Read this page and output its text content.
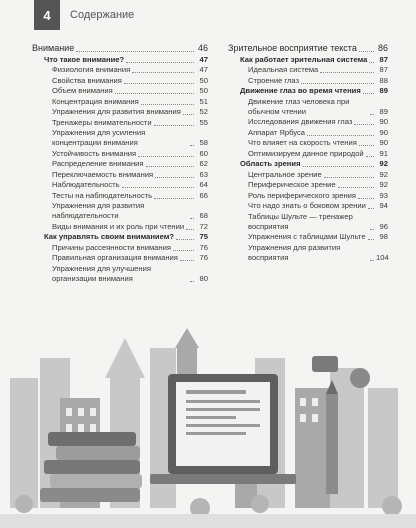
4	Содержание
Внимание	46
Что такое внимание?	47
Физиология внимания	47
Свойства внимания	50
Объем внимания	50
Концентрация внимания	51
Упражнения для развития внимания	52
Тренажеры внимательности	55
Упражнения для усиления концентрации внимания	58
Устойчивость внимания	60
Распределение внимания	62
Переключаемость внимания	63
Наблюдательность	64
Тесты на наблюдательность	66
Упражнения для развития наблюдательности	68
Виды внимания и их роль при чтении	72
Как управлять своим вниманием?	75
Причины рассеянности внимания	76
Правильная организация внимания	76
Упражнения для улучшения организации внимания	80
Зрительное восприятие текста 86
Как работает зрительная система	87
Идеальная система	87
Строение глаз	88
Движение глаз во время чтения	89
Движение глаз человека при обычном чтении	89
Исследования движения глаз	90
Аппарат Ярбуса	90
Что влияет на скорость чтения	90
Оптимизируем данное природой	91
Область зрения	92
Центральное зрение	92
Периферическое зрение	92
Роль периферического зрения	93
Что надо знать о боковом зрении	94
Таблицы Шульте — тренажер восприятия	96
Упражнения с таблицами Шульте	98
Упражнения для развития восприятия	104
